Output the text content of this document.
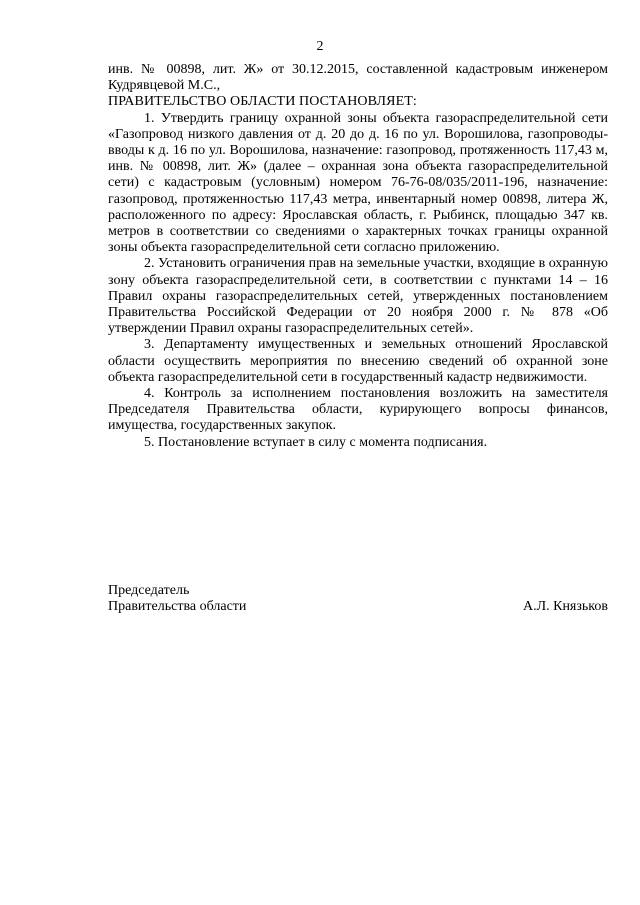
2

инв. № 00898, лит. Ж» от 30.12.2015, составленной кадастровым инженером Кудрявцевой М.С.,

ПРАВИТЕЛЬСТВО ОБЛАСТИ ПОСТАНОВЛЯЕТ:

1. Утвердить границу охранной зоны объекта газораспределительной сети «Газопровод низкого давления от д. 20 до д. 16 по ул. Ворошилова, газопроводы-вводы к д. 16 по ул. Ворошилова, назначение: газопровод, протяженность 117,43 м, инв. № 00898, лит. Ж» (далее – охранная зона объекта газораспределительной сети) с кадастровым (условным) номером 76-76-08/035/2011-196, назначение: газопровод, протяженностью 117,43 метра, инвентарный номер 00898, литера Ж, расположенного по адресу: Ярославская область, г. Рыбинск, площадью 347 кв. метров в соответствии со сведениями о характерных точках границы охранной зоны объекта газораспределительной сети согласно приложению.

2. Установить ограничения прав на земельные участки, входящие в охранную зону объекта газораспределительной сети, в соответствии с пунктами 14 – 16 Правил охраны газораспределительных сетей, утвержденных постановлением Правительства Российской Федерации от 20 ноября 2000 г. № 878 «Об утверждении Правил охраны газораспределительных сетей».

3. Департаменту имущественных и земельных отношений Ярославской области осуществить мероприятия по внесению сведений об охранной зоне объекта газораспределительной сети в государственный кадастр недвижимости.

4. Контроль за исполнением постановления возложить на заместителя Председателя Правительства области, курирующего вопросы финансов, имущества, государственных закупок.

5. Постановление вступает в силу с момента подписания.

Председатель
Правительства области	А.Л. Князьков
